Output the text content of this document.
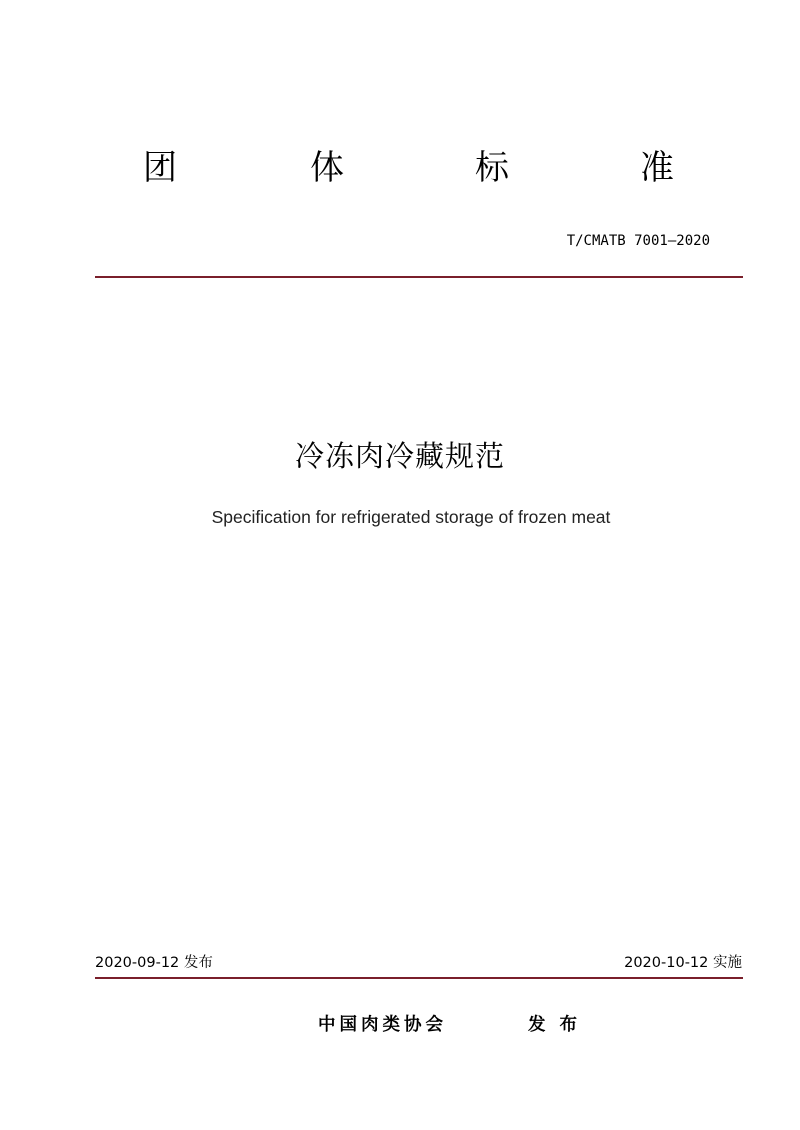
团	体	标	准
T/CMATB 7001—2020
冷冻肉冷藏规范
Specification for refrigerated storage of frozen meat
2020-09-12 发布	2020-10-12 实施
中国肉类协会	发布
